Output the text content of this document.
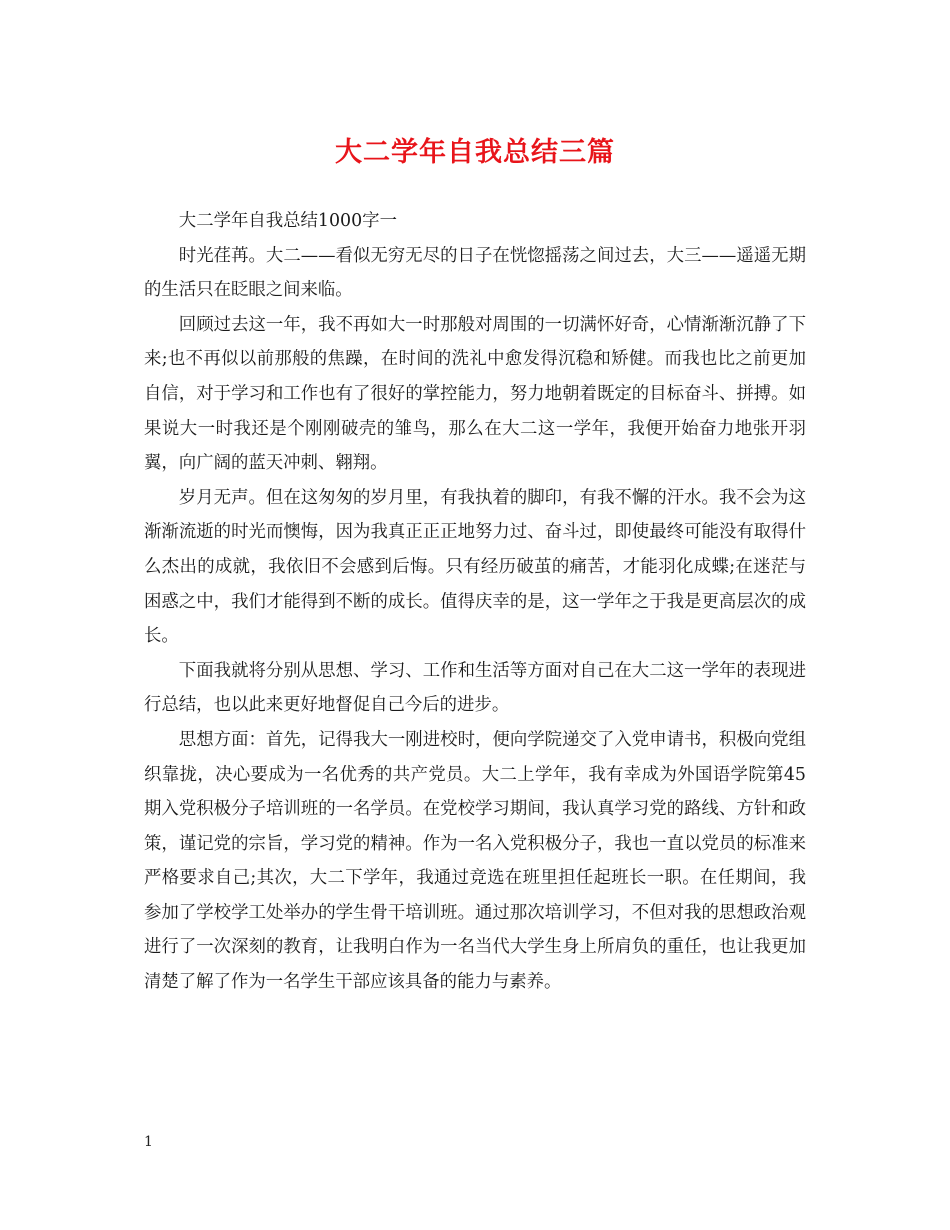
大二学年自我总结三篇

大二学年自我总结1000字一

时光荏苒。大二——看似无穷无尽的日子在恍惚摇荡之间过去，大三——遥遥无期的生活只在眨眼之间来临。

回顾过去这一年，我不再如大一时那般对周围的一切满怀好奇，心情渐渐沉静了下来;也不再似以前那般的焦躁，在时间的洗礼中愈发得沉稳和矫健。而我也比之前更加自信，对于学习和工作也有了很好的掌控能力，努力地朝着既定的目标奋斗、拼搏。如果说大一时我还是个刚刚破壳的雏鸟，那么在大二这一学年，我便开始奋力地张开羽翼，向广阔的蓝天冲刺、翱翔。

岁月无声。但在这匆匆的岁月里，有我执着的脚印，有我不懈的汗水。我不会为这渐渐流逝的时光而懊悔，因为我真正正正地努力过、奋斗过，即使最终可能没有取得什么杰出的成就，我依旧不会感到后悔。只有经历破茧的痛苦，才能羽化成蝶;在迷茫与困惑之中，我们才能得到不断的成长。值得庆幸的是，这一学年之于我是更高层次的成长。

下面我就将分别从思想、学习、工作和生活等方面对自己在大二这一学年的表现进行总结，也以此来更好地督促自己今后的进步。

思想方面：首先，记得我大一刚进校时，便向学院递交了入党申请书，积极向党组织靠拢，决心要成为一名优秀的共产党员。大二上学年，我有幸成为外国语学院第45期入党积极分子培训班的一名学员。在党校学习期间，我认真学习党的路线、方针和政策，谨记党的宗旨，学习党的精神。作为一名入党积极分子，我也一直以党员的标准来严格要求自己;其次，大二下学年，我通过竞选在班里担任起班长一职。在任期间，我参加了学校学工处举办的学生骨干培训班。通过那次培训学习，不但对我的思想政治观进行了一次深刻的教育，让我明白作为一名当代大学生身上所肩负的重任，也让我更加清楚了解了作为一名学生干部应该具备的能力与素养。

1
